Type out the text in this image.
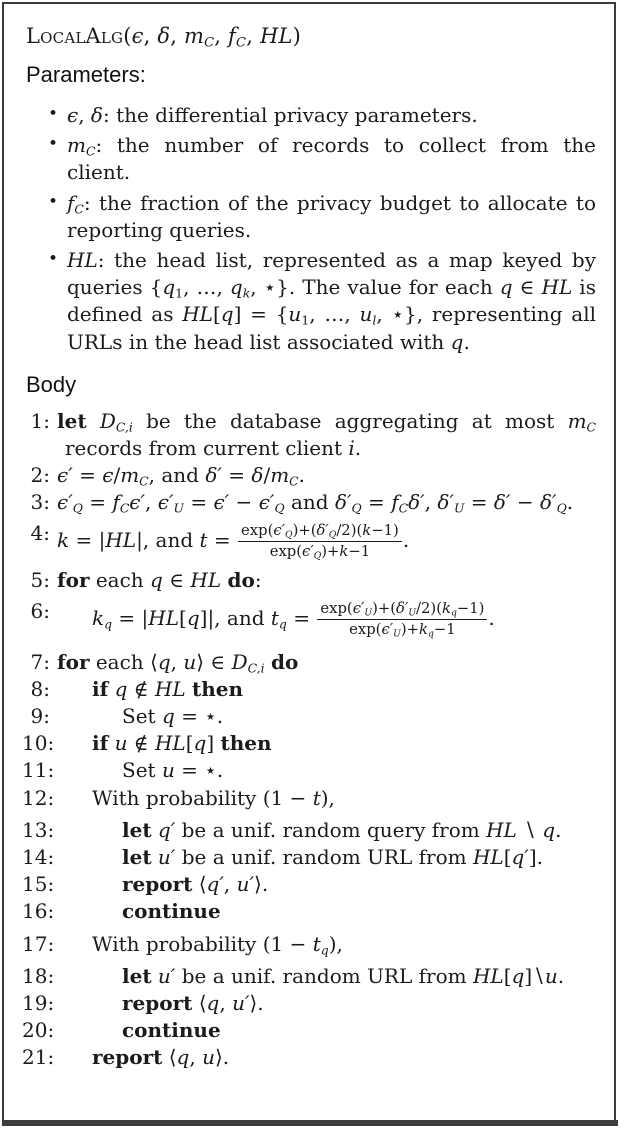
LocalAlg(ϵ, δ, $m_C$, $f_C$, HL)
Parameters:
• ϵ, δ: the differential privacy parameters.
• $m_C$: the number of records to collect from the client.
• $f_C$: the fraction of the privacy budget to allocate to reporting queries.
• HL: the head list, represented as a map keyed by queries {$q_1$, …, $q_k$, ⋆}. The value for each q ∈ HL is defined as $HL[q] = \{u_1$, …, $u_l$, ⋆}, representing all URLs in the head list associated with q.
Body
1: let $D_{C,i}$ be the database aggregating at most $m_C$ records from current client i.
2: $\epsilon' = \epsilon/m_C$, and $\delta' = \delta/m_C$.
3: $\epsilon'_Q = f_C\epsilon'$, $\epsilon'_U = \epsilon' - \epsilon'_Q$ and $\delta'_Q = f_C\delta'$, $\delta'_U = \delta' - \delta'_Q$.
4: k = |HL|, and $t = \frac{\exp(\epsilon'_Q)+(\delta'_Q/2)(k-1)}{\exp(\epsilon'_Q)+k-1}$ .
5: for each q ∈ HL do:
6: $k_q = |HL[q]|$, and $t_q = \frac{\exp(\epsilon'_U)+(\delta'_U/2)(k_q-1)}{\exp(\epsilon'_U)+k_q-1}$ .
7: for each ⟨q, u⟩ ∈ $D_{C,i}$ do
8: if q ∉ HL then
9:	Set q = ⋆.
10: if u ∉ HL[q] then
11:	Set u = ⋆.
12: With probability (1 − t),
13:	let q′ be a unif. random query from HL ∖ q.
14:	let u′ be a unif. random URL from HL[q′].
15:	report ⟨q′, u′⟩.
16:	continue
17: With probability $(1 - t_q)$,
18:	let u′ be a unif. random URL from HL[q]∖u.
19:	report ⟨q, u′⟩.
20:	continue
21: report ⟨q, u⟩.
